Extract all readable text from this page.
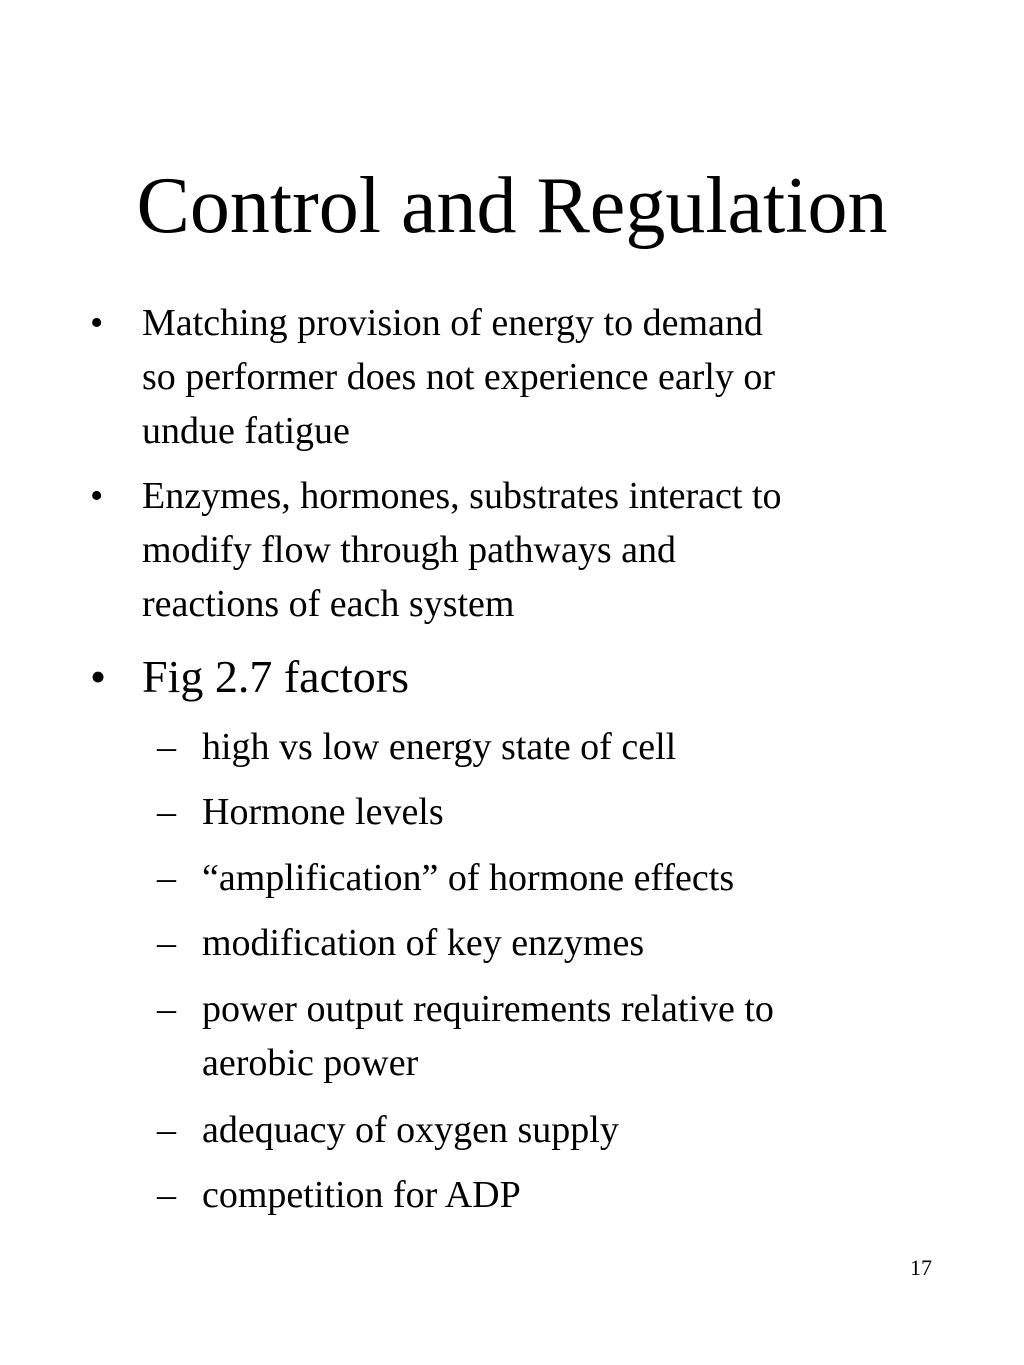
Control and Regulation
• Matching provision of energy to demand
so performer does not experience early or
undue fatigue
• Enzymes, hormones, substrates interact to
modify flow through pathways and
reactions of each system
• Fig 2.7 factors
– high vs low energy state of cell
– Hormone levels
– “amplification” of hormone effects
– modification of key enzymes
– power output requirements relative to
aerobic power
– adequacy of oxygen supply
– competition for ADP
17
